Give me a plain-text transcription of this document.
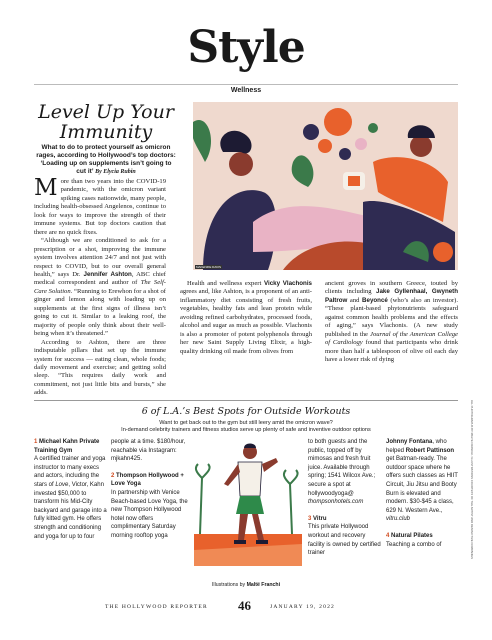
Style
Wellness
Level Up Your Immunity
What to do to protect yourself as omicron rages, according to Hollywood’s top doctors: ‘Loading up on supplements isn’t going to cut it’ By Elycia Rubin
MAKENZIE DAVIS

More than two years into the COVID-19 pandemic, with the omicron variant spiking cases nationwide, many people, including health-obsessed Angelenos, continue to look for ways to improve the strength of their immune systems. But top doctors caution that there are no quick fixes.

“Although we are conditioned to ask for a prescription or a shot, improving the immune system involves attention 24/7 and not just with respect to COVID, but to our overall general health,” says Dr. Jennifer Ashton, ABC chief medical correspondent and author of The Self-Care Solution. “Running to Erewhon for a shot of ginger and lemon along with loading up on supplements at the first signs of illness isn’t going to cut it. Similar to a leaking roof, the majority of people only think about their well-being when it’s threatened.”

According to Ashton, there are three indisputable pillars that set up the immune system for success — eating clean, whole foods; daily movement and exercise; and getting solid sleep. “This requires daily work and commitment, not just little bits and bursts,” she adds.

Health and wellness expert Vicky Vlachonis agrees and, like Ashton, is a proponent of an anti-inflammatory diet consisting of fresh fruits, vegetables, healthy fats and lean protein while avoiding refined carbohydrates, processed foods, alcohol and sugar as much as possible. Vlachonis is also a promoter of potent polyphenols through her new Saint Supply Living Elixir, a high-quality drinking oil made from olives from

ancient groves in southern Greece, touted by clients including Jake Gyllenhaal, Gwyneth Paltrow and Beyoncé (who’s also an investor). “These plant-based phytonutrients safeguard against common health problems and the effects of aging,” says Vlachonis. (A new study published in the Journal of the American College of Cardiology found that participants who drink more than half a tablespoon of olive oil each day have a lower risk of dying

6 of L.A.’s Best Spots for Outside Workouts
Want to get back out to the gym but still leery amid the omicron wave?
In-demand celebrity trainers and fitness studios serve up plenty of safe and inventive outdoor options
1 Michael Kahn Private Training Gym
A certified trainer and yoga instructor to many execs and actors, including the stars of Love, Victor, Kahn invested $50,000 to transform his Mid-City backyard and garage into a fully kitted gym. He offers strength and conditioning and yoga for up to four
people at a time. $180/hour, reachable via Instagram: mjkahn425.
2 Thompson Hollywood + Love Yoga
In partnership with Venice Beach-based Love Yoga, the new Thompson Hollywood hotel now offers complimentary Saturday morning rooftop yoga
to both guests and the public, topped off by mimosas and fresh fruit juice. Available through spring; 1541 Wilcox Ave.; secure a spot at hollywoodyoga@
thompsonhotels.com
3 Vitru
This private Hollywood workout and recovery facility is owned by certified trainer
Johnny Fontana, who helped Robert Pattinson get Batman-ready. The outdoor space where he offers such classes as HIIT Circuit, Jiu Jitsu and Booty Burn is elevated and modern. $30-$45 a class, 629 N. Western Ave., vitru.club
4 Natural Pilates
Teaching a combo of
Illustrations by Maltë Franchi
THE HOLLYWOOD REPORTER 46	JANUARY 19, 2022
ALL PHOTOGRAPHS BY MALTE FRANCHI / ILLUSTRATIONS COURTESY OF THE ARTIST AND RESPECTIVE COMPANIES
